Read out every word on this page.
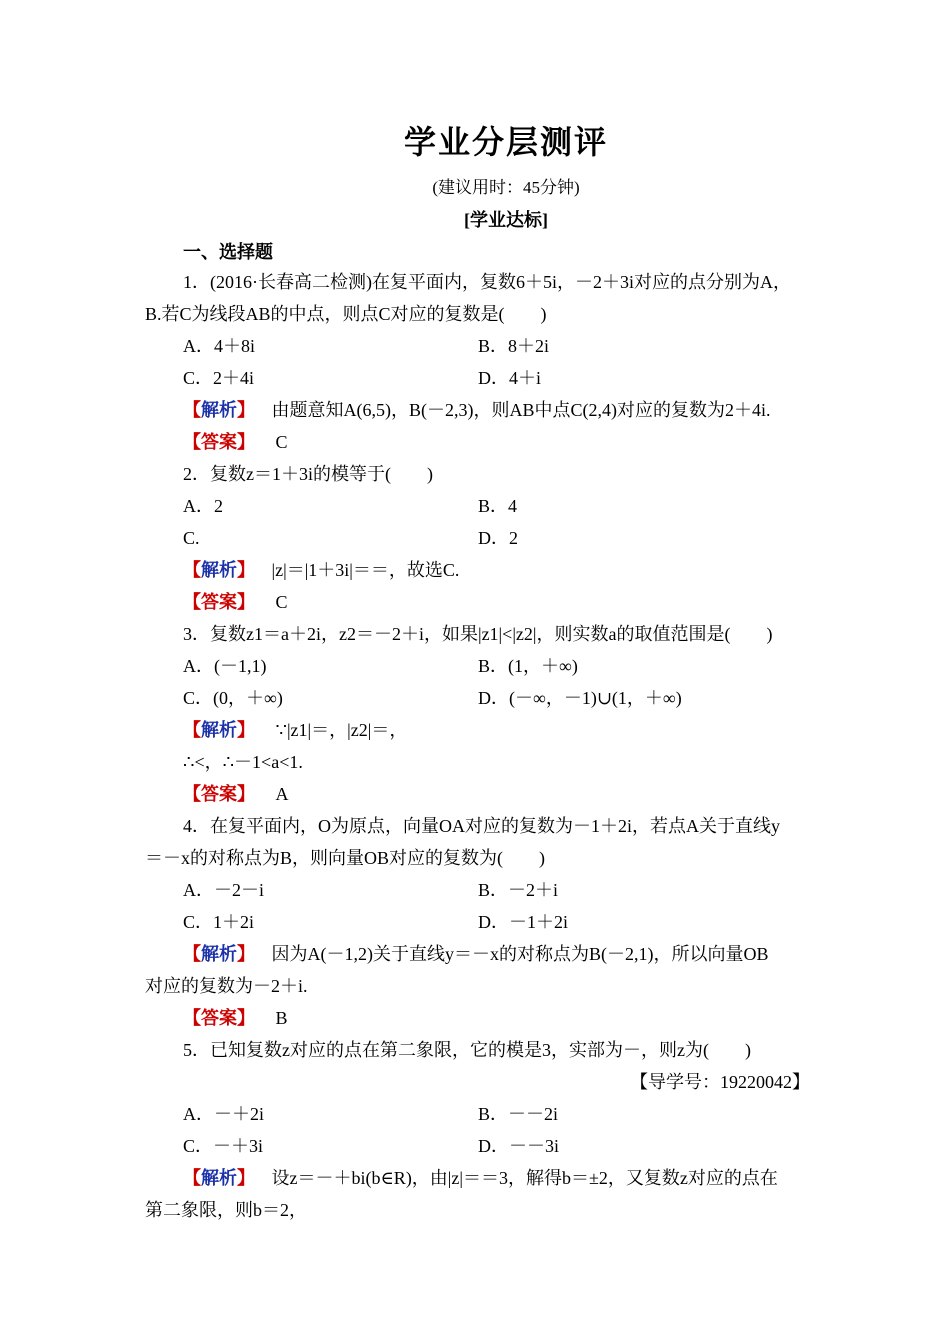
学业分层测评
(建议用时：45分钟)
[学业达标]
一、选择题
1．(2016·长春高二检测)在复平面内，复数6＋5i，－2＋3i对应的点分别为A，
B.若C为线段AB的中点，则点C对应的复数是(　　)
A．4＋8i	B．8＋2i
C．2＋4i	D．4＋i
【解析】 由题意知A(6,5)，B(－2,3)，则AB中点C(2,4)对应的复数为2＋4i.
【答案】 C
2．复数z＝1＋3i的模等于(　　)
A．2	B．4
C.	D．2
【解析】 |z|＝|1＋3i|＝＝，故选C.
【答案】 C
3．复数z1＝a＋2i，z2＝－2＋i，如果|z1|<|z2|，则实数a的取值范围是(　　)
A．(－1,1)	B．(1，＋∞)
C．(0，＋∞)	D．(－∞，－1)∪(1，＋∞)
【解析】 ∵|z1|＝，|z2|＝，
∴<，∴－1<a<1.
【答案】 A
4．在复平面内，O为原点，向量OA对应的复数为－1＋2i，若点A关于直线y
＝－x的对称点为B，则向量OB对应的复数为(　　)
A．－2－i	B．－2＋i
C．1＋2i	D．－1＋2i
【解析】 因为A(－1,2)关于直线y＝－x的对称点为B(－2,1)，所以向量OB
对应的复数为－2＋i.
【答案】 B
5．已知复数z对应的点在第二象限，它的模是3，实部为－，则z为(　　)
【导学号：19220042】
A．－＋2i	B．－－2i
C．－＋3i	D．－－3i
【解析】 设z＝－＋bi(b∈R)，由|z|＝＝3，解得b＝±2，又复数z对应的点在
第二象限，则b＝2，
